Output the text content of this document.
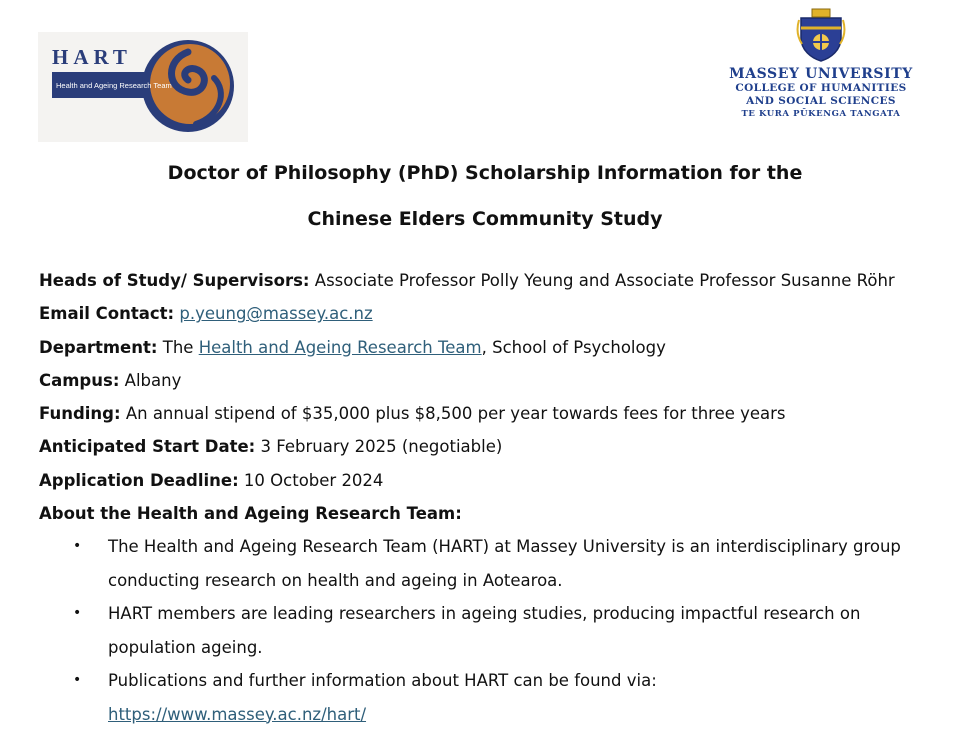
HART
Health and Ageing Research Team
MASSEY UNIVERSITY
COLLEGE OF HUMANITIES
AND SOCIAL SCIENCES
TE KURA PŪKENGA TANGATA
Doctor of Philosophy (PhD) Scholarship Information for the
Chinese Elders Community Study
Heads of Study/ Supervisors: Associate Professor Polly Yeung and Associate Professor Susanne Röhr
Email Contact: p.yeung@massey.ac.nz
Department: The Health and Ageing Research Team, School of Psychology
Campus: Albany
Funding: An annual stipend of $35,000 plus $8,500 per year towards fees for three years
Anticipated Start Date: 3 February 2025 (negotiable)
Application Deadline: 10 October 2024
About the Health and Ageing Research Team:
• The Health and Ageing Research Team (HART) at Massey University is an interdisciplinary group conducting research on health and ageing in Aotearoa.
• HART members are leading researchers in ageing studies, producing impactful research on population ageing.
• Publications and further information about HART can be found via:
https://www.massey.ac.nz/hart/
